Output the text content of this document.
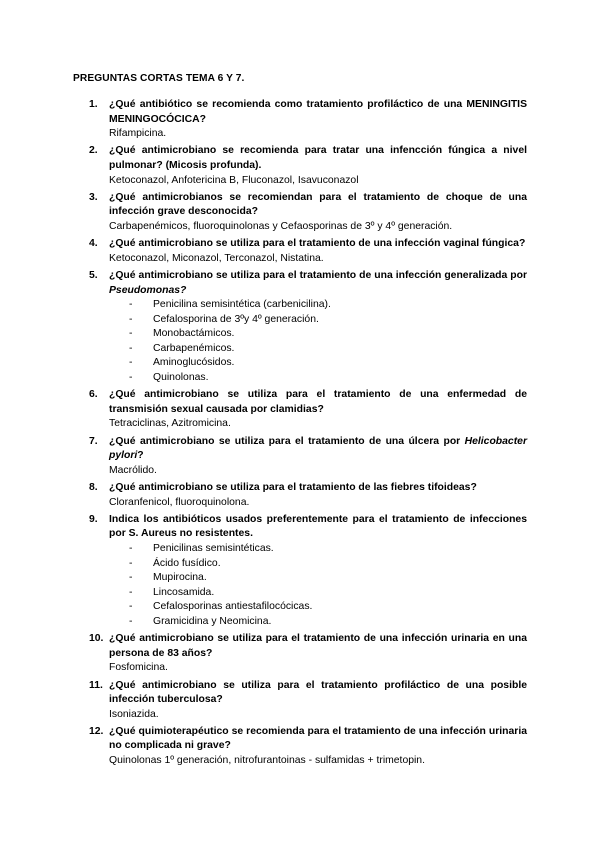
PREGUNTAS CORTAS TEMA 6 Y 7.
1. ¿Qué antibiótico se recomienda como tratamiento profiláctico de una MENINGITIS MENINGOCÓCICA?
Rifampicina.
2. ¿Qué antimicrobiano se recomienda para tratar una infencción fúngica a nivel pulmonar? (Micosis profunda).
Ketoconazol, Anfotericina B, Fluconazol, Isavuconazol
3. ¿Qué antimicrobianos se recomiendan para el tratamiento de choque de una infección grave desconocida?
Carbapenémicos, fluoroquinolonas y Cefaosporinas de 3º y 4º generación.
4. ¿Qué antimicrobiano se utiliza para el tratamiento de una infección vaginal fúngica?
Ketoconazol, Miconazol, Terconazol, Nistatina.
5. ¿Qué antimicrobiano se utiliza para el tratamiento de una infección generalizada por Pseudomonas?
- Penicilina semisintética (carbenicilina).
- Cefalosporina de 3ºy 4º generación.
- Monobactámicos.
- Carbapenémicos.
- Aminoglucósidos.
- Quinolonas.
6. ¿Qué antimicrobiano se utiliza para el tratamiento de una enfermedad de transmisión sexual causada por clamidias?
Tetraciclinas, Azitromicina.
7. ¿Qué antimicrobiano se utiliza para el tratamiento de una úlcera por Helicobacter pylori?
Macrólido.
8. ¿Qué antimicrobiano se utiliza para el tratamiento de las fiebres tifoideas?
Cloranfenicol, fluoroquinolona.
9. Indica los antibióticos usados preferentemente para el tratamiento de infecciones por S. Aureus no resistentes.
- Penicilinas semisintéticas.
- Ácido fusídico.
- Mupirocina.
- Lincosamida.
- Cefalosporinas antiestafilocócicas.
- Gramicidina y Neomicina.
10. ¿Qué antimicrobiano se utiliza para el tratamiento de una infección urinaria en una persona de 83 años?
Fosfomicina.
11. ¿Qué antimicrobiano se utiliza para el tratamiento profiláctico de una posible infección tuberculosa?
Isoniazida.
12. ¿Qué quimioterapéutico se recomienda para el tratamiento de una infección urinaria no complicada ni grave?
Quinolonas 1º generación, nitrofurantoinas - sulfamidas + trimetopin.
